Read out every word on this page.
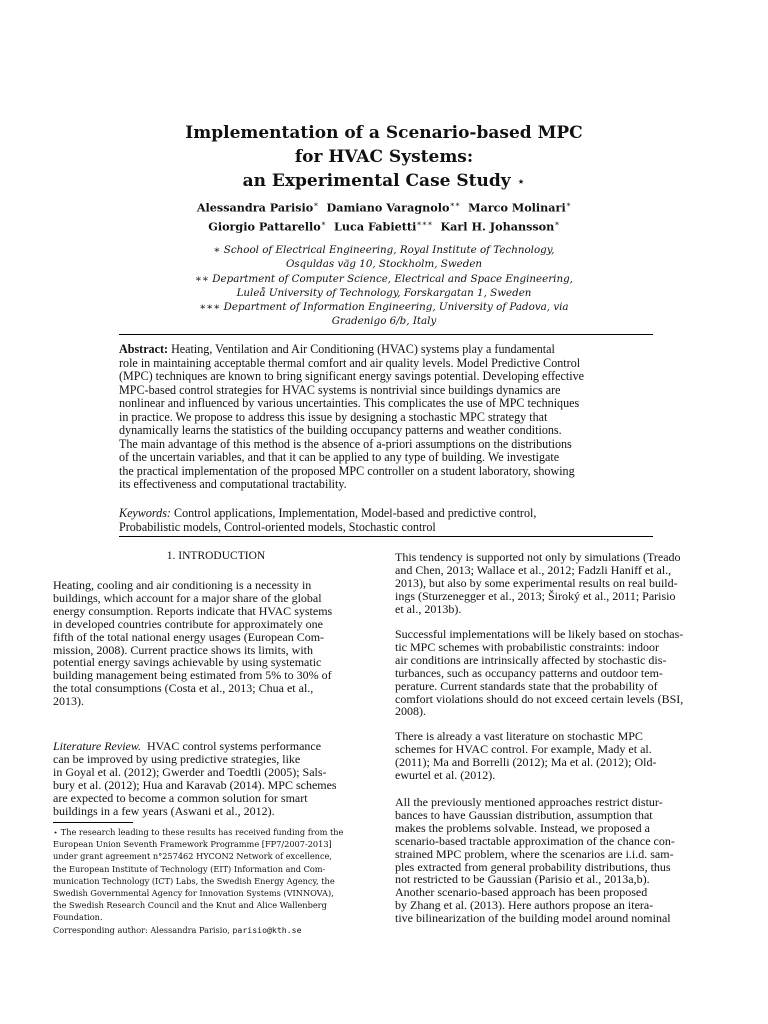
Implementation of a Scenario-based MPC
for HVAC Systems:
an Experimental Case Study ⋆
Alessandra Parisio∗ Damiano Varagnolo∗∗ Marco Molinari∗
Giorgio Pattarello∗ Luca Fabietti∗∗∗ Karl H. Johansson∗
∗ School of Electrical Engineering, Royal Institute of Technology,
Osquldas väg 10, Stockholm, Sweden
∗∗ Department of Computer Science, Electrical and Space Engineering,
Luleå University of Technology, Forskargatan 1, Sweden
∗∗∗ Department of Information Engineering, University of Padova, via
Gradenigo 6/b, Italy
Abstract: Heating, Ventilation and Air Conditioning (HVAC) systems play a fundamental
role in maintaining acceptable thermal comfort and air quality levels. Model Predictive Control
(MPC) techniques are known to bring significant energy savings potential. Developing effective
MPC-based control strategies for HVAC systems is nontrivial since buildings dynamics are
nonlinear and influenced by various uncertainties. This complicates the use of MPC techniques
in practice. We propose to address this issue by designing a stochastic MPC strategy that
dynamically learns the statistics of the building occupancy patterns and weather conditions.
The main advantage of this method is the absence of a-priori assumptions on the distributions
of the uncertain variables, and that it can be applied to any type of building. We investigate
the practical implementation of the proposed MPC controller on a student laboratory, showing
its effectiveness and computational tractability.
Keywords: Control applications, Implementation, Model-based and predictive control,
Probabilistic models, Control-oriented models, Stochastic control
1. INTRODUCTION
Heating, cooling and air conditioning is a necessity in
buildings, which account for a major share of the global
energy consumption. Reports indicate that HVAC systems
in developed countries contribute for approximately one
fifth of the total national energy usages (European Com-
mission, 2008). Current practice shows its limits, with
potential energy savings achievable by using systematic
building management being estimated from 5% to 30% of
the total consumptions (Costa et al., 2013; Chua et al.,
2013).
Literature Review. HVAC control systems performance
can be improved by using predictive strategies, like
in Goyal et al. (2012); Gwerder and Toedtli (2005); Sals-
bury et al. (2012); Hua and Karavab (2014). MPC schemes
are expected to become a common solution for smart
buildings in a few years (Aswani et al., 2012).
⋆ The research leading to these results has received funding from the
European Union Seventh Framework Programme [FP7/2007-2013]
under grant agreement n°257462 HYCON2 Network of excellence,
the European Institute of Technology (EIT) Information and Com-
munication Technology (ICT) Labs, the Swedish Energy Agency, the
Swedish Governmental Agency for Innovation Systems (VINNOVA),
the Swedish Research Council and the Knut and Alice Wallenberg
Foundation.
Corresponding author: Alessandra Parisio, parisio@kth.se
This tendency is supported not only by simulations (Treado
and Chen, 2013; Wallace et al., 2012; Fadzli Haniff et al.,
2013), but also by some experimental results on real build-
ings (Sturzenegger et al., 2013; Široký et al., 2011; Parisio
et al., 2013b).
Successful implementations will be likely based on stochas-
tic MPC schemes with probabilistic constraints: indoor
air conditions are intrinsically affected by stochastic dis-
turbances, such as occupancy patterns and outdoor tem-
perature. Current standards state that the probability of
comfort violations should do not exceed certain levels (BSI,
2008).
There is already a vast literature on stochastic MPC
schemes for HVAC control. For example, Mady et al.
(2011); Ma and Borrelli (2012); Ma et al. (2012); Old-
ewurtel et al. (2012).
All the previously mentioned approaches restrict distur-
bances to have Gaussian distribution, assumption that
makes the problems solvable. Instead, we proposed a
scenario-based tractable approximation of the chance con-
strained MPC problem, where the scenarios are i.i.d. sam-
ples extracted from general probability distributions, thus
not restricted to be Gaussian (Parisio et al., 2013a,b).
Another scenario-based approach has been proposed
by Zhang et al. (2013). Here authors propose an itera-
tive bilinearization of the building model around nominal
